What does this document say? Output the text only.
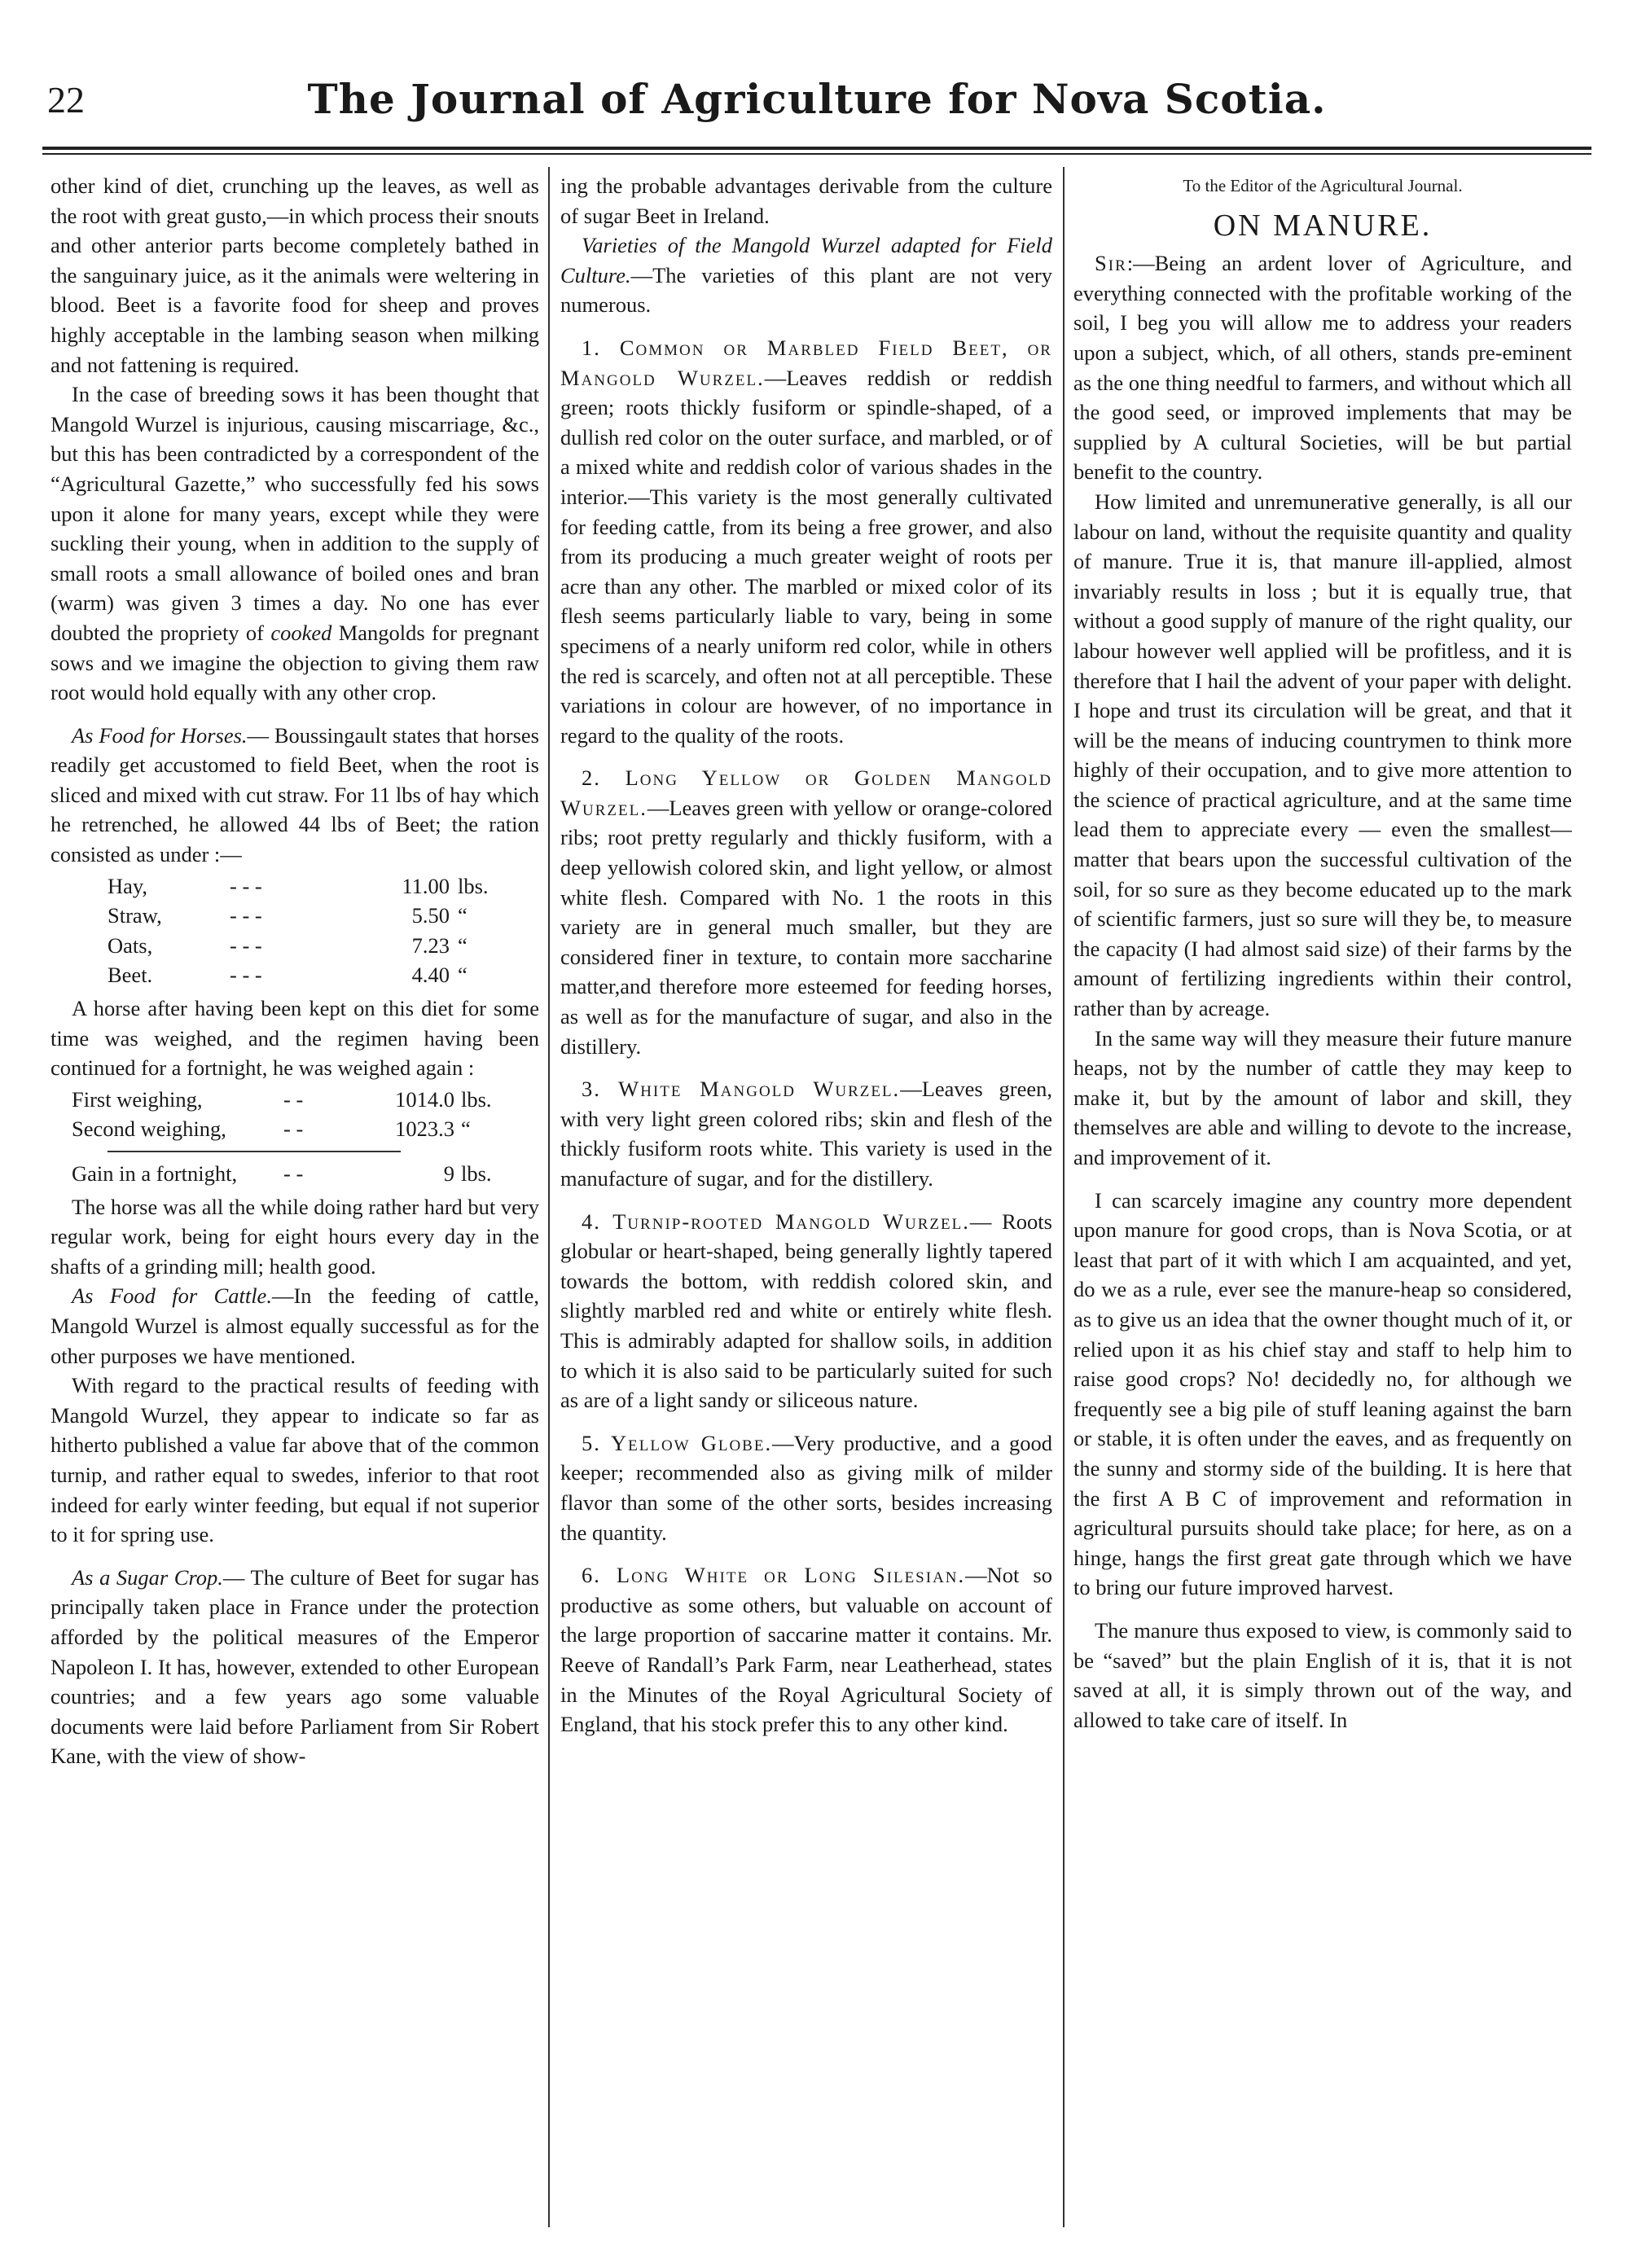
22	The Journal of Agriculture for Nova Scotia.

other kind of diet, crunching up the leaves, as well as the root with great gusto,—in which process their snouts and other anterior parts become completely bathed in the sanguinary juice, as it the animals were weltering in blood. Beet is a favorite food for sheep and proves highly acceptable in the lambing season when milking and not fattening is required.

In the case of breeding sows it has been thought that Mangold Wurzel is injurious, causing miscarriage, &c., but this has been contradicted by a correspondent of the “Agricultural Gazette,” who successfully fed his sows upon it alone for many years, except while they were suckling their young, when in addition to the supply of small roots a small allowance of boiled ones and bran (warm) was given 3 times a day. No one has ever doubted the propriety of cooked Mangolds for pregnant sows and we imagine the objection to giving them raw root would hold equally with any other crop.

As Food for Horses.— Boussingault states that horses readily get accustomed to field Beet, when the root is sliced and mixed with cut straw. For 11 lbs of hay which he retrenched, he allowed 44 lbs of Beet; the ration consisted as under :—

Hay,	- - -	11.00 lbs.
Straw,	- - -	5.50 “
Oats,	- - -	7.23 “
Beet.	- - -	4.40 “

A horse after having been kept on this diet for some time was weighed, and the regimen having been continued for a fortnight, he was weighed again :

First weighing,	- -	1014.0 lbs.
Second weighing,	- -	1023.3 “
Gain in a fortnight,	- -	9 lbs.

The horse was all the while doing rather hard but very regular work, being for eight hours every day in the shafts of a grinding mill; health good.

As Food for Cattle.—In the feeding of cattle, Mangold Wurzel is almost equally successful as for the other purposes we have mentioned.

With regard to the practical results of feeding with Mangold Wurzel, they appear to indicate so far as hitherto published a value far above that of the common turnip, and rather equal to swedes, inferior to that root indeed for early winter feeding, but equal if not superior to it for spring use.

As a Sugar Crop.— The culture of Beet for sugar has principally taken place in France under the protection afforded by the political measures of the Emperor Napoleon I. It has, however, extended to other European countries; and a few years ago some valuable documents were laid before Parliament from Sir Robert Kane, with the view of show-

ing the probable advantages derivable from the culture of sugar Beet in Ireland.

Varieties of the Mangold Wurzel adapted for Field Culture.—The varieties of this plant are not very numerous.

1. Common or Marbled Field Beet, or Mangold Wurzel.—Leaves reddish or reddish green; roots thickly fusiform or spindle-shaped, of a dullish red color on the outer surface, and marbled, or of a mixed white and reddish color of various shades in the interior.—This variety is the most generally cultivated for feeding cattle, from its being a free grower, and also from its producing a much greater weight of roots per acre than any other. The marbled or mixed color of its flesh seems particularly liable to vary, being in some specimens of a nearly uniform red color, while in others the red is scarcely, and often not at all perceptible. These variations in colour are however, of no importance in regard to the quality of the roots.

2. Long Yellow or Golden Mangold Wurzel.—Leaves green with yellow or orange-colored ribs; root pretty regularly and thickly fusiform, with a deep yellowish colored skin, and light yellow, or almost white flesh. Compared with No. 1 the roots in this variety are in general much smaller, but they are considered finer in texture, to contain more saccharine matter,and therefore more esteemed for feeding horses, as well as for the manufacture of sugar, and also in the distillery.

3. White Mangold Wurzel.—Leaves green, with very light green colored ribs; skin and flesh of the thickly fusiform roots white. This variety is used in the manufacture of sugar, and for the distillery.

4. Turnip-rooted Mangold Wurzel.— Roots globular or heart-shaped, being generally lightly tapered towards the bottom, with reddish colored skin, and slightly marbled red and white or entirely white flesh. This is admirably adapted for shallow soils, in addition to which it is also said to be particularly suited for such as are of a light sandy or siliceous nature.

5. Yellow Globe.—Very productive, and a good keeper; recommended also as giving milk of milder flavor than some of the other sorts, besides increasing the quantity.

6. Long White or Long Silesian.—Not so productive as some others, but valuable on account of the large proportion of saccarine matter it contains. Mr. Reeve of Randall’s Park Farm, near Leatherhead, states in the Minutes of the Royal Agricultural Society of England, that his stock prefer this to any other kind.

To the Editor of the Agricultural Journal.

ON MANURE.

Sir:—Being an ardent lover of Agriculture, and everything connected with the profitable working of the soil, I beg you will allow me to address your readers upon a subject, which, of all others, stands pre-eminent as the one thing needful to farmers, and without which all the good seed, or improved implements that may be supplied by A cultural Societies, will be but partial benefit to the country.

How limited and unremunerative generally, is all our labour on land, without the requisite quantity and quality of manure. True it is, that manure ill-applied, almost invariably results in loss ; but it is equally true, that without a good supply of manure of the right quality, our labour however well applied will be profitless, and it is therefore that I hail the advent of your paper with delight. I hope and trust its circulation will be great, and that it will be the means of inducing countrymen to think more highly of their occupation, and to give more attention to the science of practical agriculture, and at the same time lead them to appreciate every — even the smallest—matter that bears upon the successful cultivation of the soil, for so sure as they become educated up to the mark of scientific farmers, just so sure will they be, to measure the capacity (I had almost said size) of their farms by the amount of fertilizing ingredients within their control, rather than by acreage.

In the same way will they measure their future manure heaps, not by the number of cattle they may keep to make it, but by the amount of labor and skill, they themselves are able and willing to devote to the increase, and improvement of it.

I can scarcely imagine any country more dependent upon manure for good crops, than is Nova Scotia, or at least that part of it with which I am acquainted, and yet, do we as a rule, ever see the manure-heap so considered, as to give us an idea that the owner thought much of it, or relied upon it as his chief stay and staff to help him to raise good crops? No! decidedly no, for although we frequently see a big pile of stuff leaning against the barn or stable, it is often under the eaves, and as frequently on the sunny and stormy side of the building. It is here that the first A B C of improvement and reformation in agricultural pursuits should take place; for here, as on a hinge, hangs the first great gate through which we have to bring our future improved harvest.

The manure thus exposed to view, is commonly said to be “saved” but the plain English of it is, that it is not saved at all, it is simply thrown out of the way, and allowed to take care of itself. In
